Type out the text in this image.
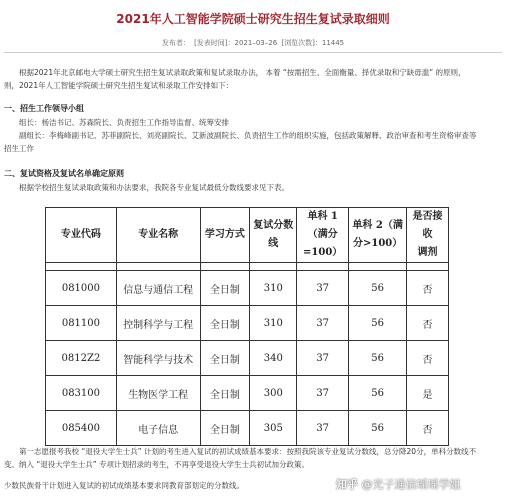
2021年人工智能学院硕士研究生招生复试录取细则
发布者： [发表时间]：2021–03–26 [浏览次数]：11445
根据2021年北京邮电大学硕士研究生招生复试录取政策和复试录取办法， 本着 “按需招生、全面衡量、择优录取和宁缺毋滥” 的原则，
则，2021年人工智能学院硕士研究生招生复试和录取工作安排如下：
一、招生工作领导小组
组长：杨洁书记、苏森院长、负责招生工作指导监督、统筹安排
副组长：李梅峰副书记、苏菲副院长、刘亮副院长、艾新波副院长、负责招生工作的组织实施，包括政策解释、政治审查和考生资格审查等
招生工作
二、复试资格及复试名单确定原则
根据学校招生复试录取政策和办法要求，我院各专业复试最低分数线要求见下表。
专业代码	专业名称	学习方式	复试分数
线	单科 1（满分
=100）	单科 2（满
分>100）	是否接收
调剂

081000	信息与通信工程	全日制	310	37	56	否
081100	控制科学与工程	全日制	310	37	56	否
0812Z2	智能科学与技术	全日制	340	37	56	否
083100	生物医学工程	全日制	300	37	56	是
085400	电子信息	全日制	305	37	56	否
第一志愿报考我校 “退役大学生士兵” 计划的考生进入复试的初试成绩基本要求：按照我院该专业复试分数线，总分降20分，单科分数线不
变。纳入 “退役大学生士兵” 专项计划招录的考生，不再享受退役大学生士兵初试加分政策。
少数民族骨干计划进入复试的初试成绩基本要求同教育部划定的分数线。	知乎 @光子通信瑶瑶学姐
